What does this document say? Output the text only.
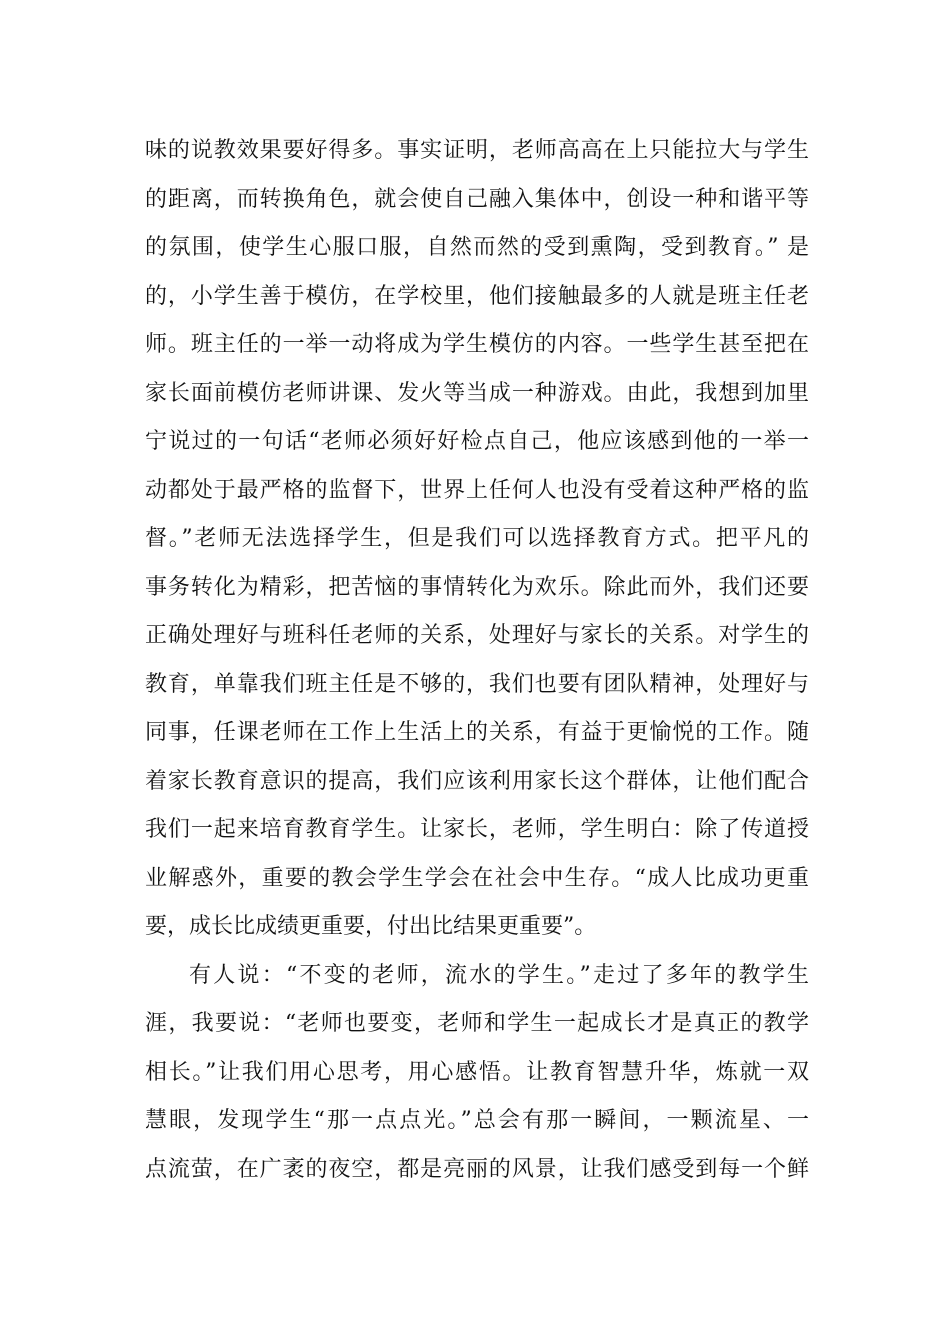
味的说教效果要好得多。事实证明，老师高高在上只能拉大与学生
的距离，而转换角色，就会使自己融入集体中，创设一种和谐平等
的氛围，使学生心服口服，自然而然的受到熏陶，受到教育。” 是
的，小学生善于模仿，在学校里，他们接触最多的人就是班主任老
师。班主任的一举一动将成为学生模仿的内容。一些学生甚至把在
家长面前模仿老师讲课、发火等当成一种游戏。由此，我想到加里
宁说过的一句话“老师必须好好检点自己，他应该感到他的一举一
动都处于最严格的监督下，世界上任何人也没有受着这种严格的监
督。”老师无法选择学生，但是我们可以选择教育方式。把平凡的
事务转化为精彩，把苦恼的事情转化为欢乐。除此而外，我们还要
正确处理好与班科任老师的关系，处理好与家长的关系。对学生的
教育，单靠我们班主任是不够的，我们也要有团队精神，处理好与
同事，任课老师在工作上生活上的关系，有益于更愉悦的工作。随
着家长教育意识的提高，我们应该利用家长这个群体，让他们配合
我们一起来培育教育学生。让家长，老师，学生明白：除了传道授
业解惑外，重要的教会学生学会在社会中生存。“成人比成功更重
要，成长比成绩更重要，付出比结果更重要”。
有人说：“不变的老师，流水的学生。”走过了多年的教学生
涯，我要说：“老师也要变，老师和学生一起成长才是真正的教学
相长。”让我们用心思考，用心感悟。让教育智慧升华，炼就一双
慧眼，发现学生“那一点点光。”总会有那一瞬间，一颗流星、一
点流萤，在广袤的夜空，都是亮丽的风景，让我们感受到每一个鲜
